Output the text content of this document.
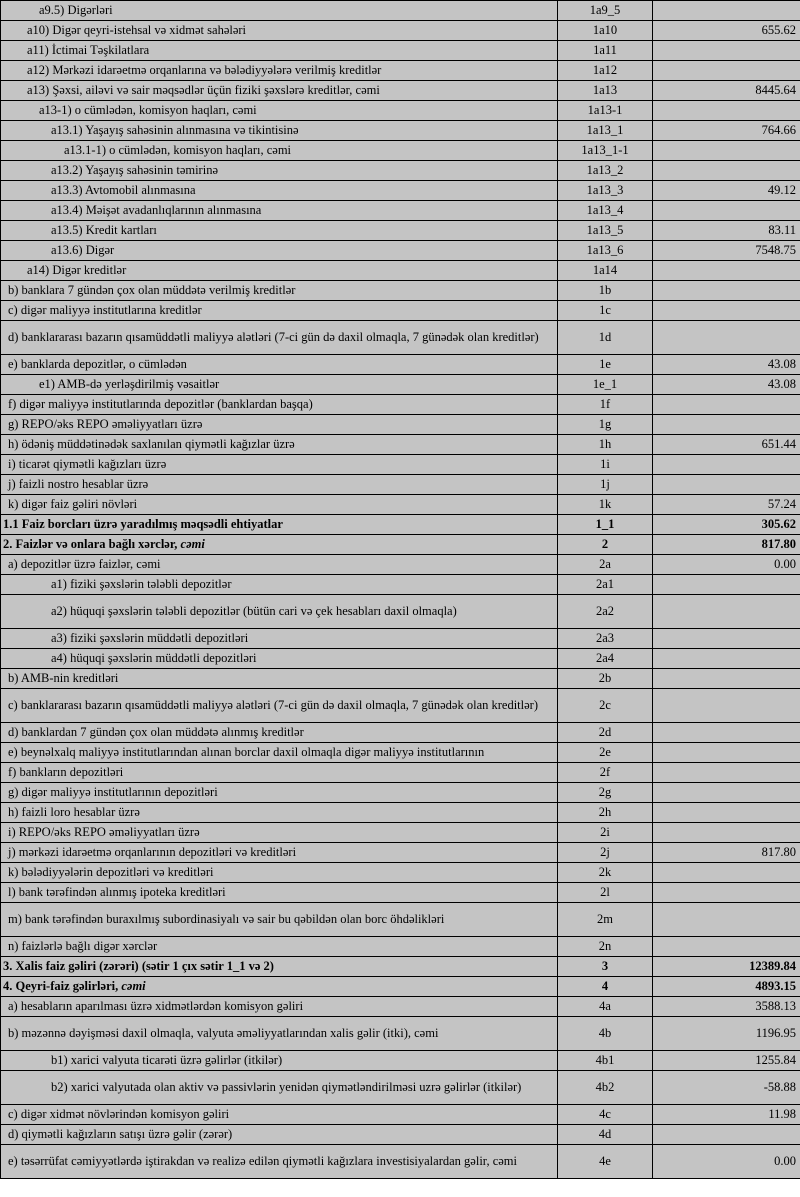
a9.5) Digərləri	1a9_5	
a10) Digər qeyri-istehsal və xidmət sahələri	1a10	655.62
a11) İctimai Təşkilatlara	1a11	
a12) Mərkəzi idarəetmə orqanlarına və bələdiyyələrə verilmiş kreditlər	1a12	
a13) Şəxsi, ailəvi və sair məqsədlər üçün fiziki şəxslərə kreditlər, cəmi	1a13	8445.64
a13-1) o cümlədən, komisyon haqları, cəmi	1a13-1	
a13.1) Yaşayış sahəsinin alınmasına və tikintisinə	1a13_1	764.66
a13.1-1) o cümlədən, komisyon haqları, cəmi	1a13_1-1	
a13.2) Yaşayış sahəsinin təmirinə	1a13_2	
a13.3) Avtomobil alınmasına	1a13_3	49.12
a13.4) Məişət avadanlıqlarının alınmasına	1a13_4	
a13.5) Kredit kartları	1a13_5	83.11
a13.6) Digər	1a13_6	7548.75
a14) Digər kreditlər	1a14	
b) banklara 7 gündən çox olan müddətə verilmiş kreditlər	1b	
c) digər maliyyə institutlarına kreditlər	1c	
d) banklararası bazarın qısamüddətli maliyyə alətləri (7-ci gün də daxil olmaqla, 7 günədək olan kreditlər)	1d	
e) banklarda depozitlər, o cümlədən	1e	43.08
e1) AMB-də yerləşdirilmiş vəsaitlər	1e_1	43.08
f) digər maliyyə institutlarında depozitlər (banklardan başqa)	1f	
g) REPO/əks REPO əməliyyatları üzrə	1g	
h) ödəniş müddətinədək saxlanılan qiymətli kağızlar üzrə	1h	651.44
i) ticarət qiymətli kağızları üzrə	1i	
j) faizli nostro hesablar üzrə	1j	
k) digər faiz gəliri növləri	1k	57.24
1.1 Faiz borcları üzrə yaradılmış məqsədli ehtiyatlar	1_1	305.62
2. Faizlər və onlara bağlı xərclər, cəmi	2	817.80
a) depozitlər üzrə faizlər, cəmi	2a	0.00
a1) fiziki şəxslərin tələbli depozitlər	2a1	
a2) hüquqi şəxslərin tələbli depozitlər (bütün cari və çek hesabları daxil olmaqla)	2a2	
a3) fiziki şəxslərin müddətli depozitləri	2a3	
a4) hüquqi şəxslərin müddətli depozitləri	2a4	
b) AMB-nin kreditləri	2b	
c) banklararası bazarın qısamüddətli maliyyə alətləri (7-ci gün də daxil olmaqla, 7 günədək olan kreditlər)	2c	
d) banklardan 7 gündən çox olan müddətə alınmış kreditlər	2d	
e) beynəlxalq maliyyə institutlarından alınan borclar daxil olmaqla digər maliyyə institutlarının	2e	
f) bankların depozitləri	2f	
g) digər maliyyə institutlarının depozitləri	2g	
h) faizli loro hesablar üzrə	2h	
i) REPO/əks REPO əməliyyatları üzrə	2i	
j) mərkəzi idarəetmə orqanlarının depozitləri və kreditləri	2j	817.80
k) bələdiyyələrin depozitləri və kreditləri	2k	
l) bank tərəfindən alınmış ipoteka kreditləri	2l	
m) bank tərəfindən buraxılmış subordinasiyalı və sair bu qəbildən olan borc öhdəlikləri	2m	
n) faizlərlə bağlı digər xərclər	2n	
3. Xalis faiz gəliri (zərəri) (sətir 1 çıx sətir 1_1 və 2)	3	12389.84
4. Qeyri-faiz gəlirləri, cəmi	4	4893.15
a) hesabların aparılması üzrə xidmətlərdən komisyon gəliri	4a	3588.13
b) məzənnə dəyişməsi daxil olmaqla, valyuta əməliyyatlarından xalis gəlir (itki), cəmi	4b	1196.95
b1) xarici valyuta ticarəti üzrə gəlirlər (itkilər)	4b1	1255.84
b2) xarici valyutada olan aktiv və passivlərin yenidən qiymətləndirilməsi uzrə gəlirlər (itkilər)	4b2	-58.88
c) digər xidmət növlərindən komisyon gəliri	4c	11.98
d) qiymətli kağızların satışı üzrə gəlir (zərər)	4d	
e) təsərrüfat cəmiyyətlərdə iştirakdan və realizə edilən qiymətli kağızlara investisiyalardan gəlir, cəmi	4e	0.00
